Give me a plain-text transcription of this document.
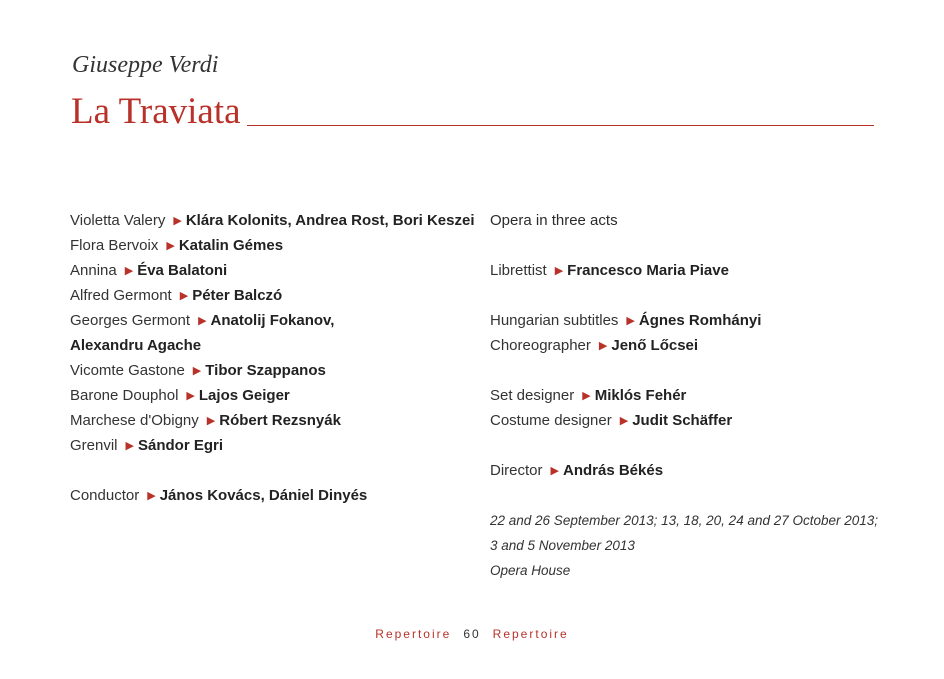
Giuseppe Verdi
La Traviata
Violetta Valery ▶ Klára Kolonits, Andrea Rost, Bori Keszei
Flora Bervoix ▶ Katalin Gémes
Annina ▶ Éva Balatoni
Alfred Germont ▶ Péter Balczó
Georges Germont ▶ Anatolij Fokanov,
Alexandru Agache
Vicomte Gastone ▶ Tibor Szappanos
Barone Douphol ▶ Lajos Geiger
Marchese d'Obigny ▶ Róbert Rezsnyák
Grenvil ▶ Sándor Egri
Conductor ▶ János Kovács, Dániel Dinyés
Opera in three acts
Librettist ▶ Francesco Maria Piave
Hungarian subtitles ▶ Ágnes Romhányi
Choreographer ▶ Jenő Lőcsei
Set designer ▶ Miklós Fehér
Costume designer ▶ Judit Schäffer
Director ▶ András Békés
22 and 26 September 2013; 13, 18, 20, 24 and 27 October 2013;
3 and 5 November 2013
Opera House
Repertoire 60 Repertoire
